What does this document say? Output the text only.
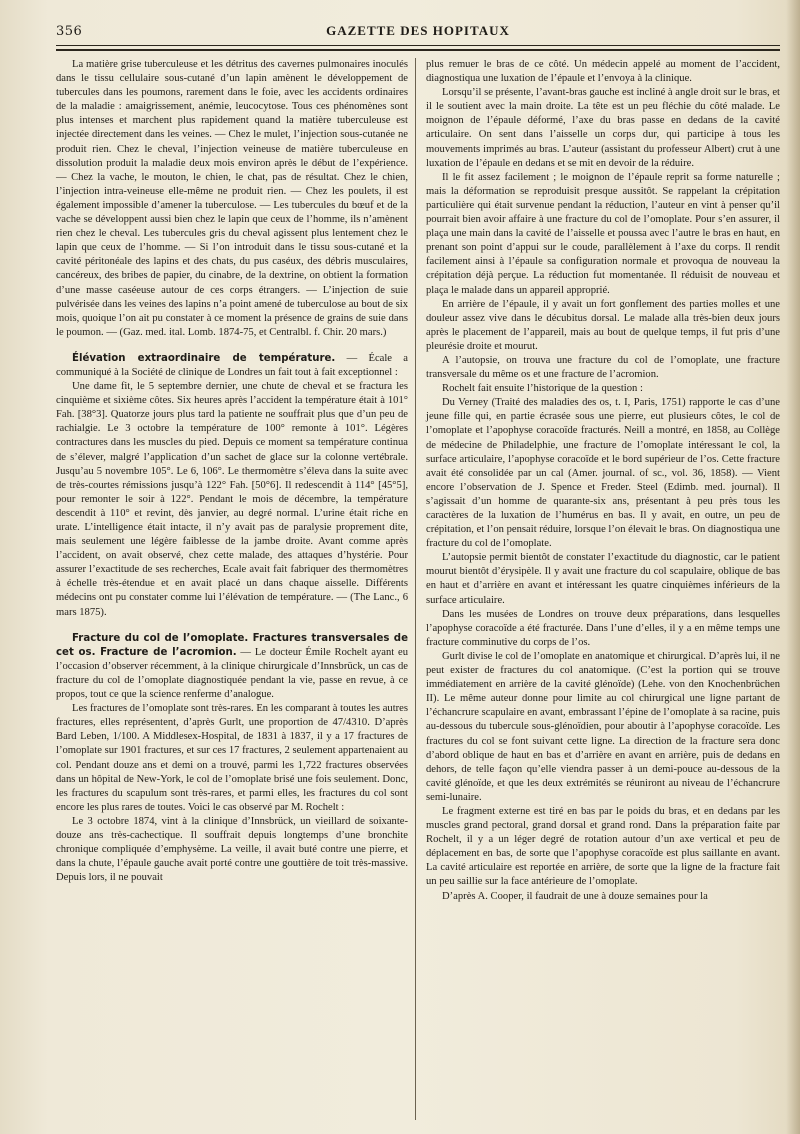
356	GAZETTE DES HOPITAUX

La matière grise tuberculeuse et les détritus des cavernes pulmonaires inoculés dans le tissu cellulaire sous-cutané d’un lapin amènent le développement de tubercules dans les poumons, rarement dans le foie, avec les accidents ordinaires de la maladie : amaigrissement, anémie, leucocytose. Tous ces phénomènes sont plus intenses et marchent plus rapidement quand la matière tuberculeuse est injectée directement dans les veines. — Chez le mulet, l’injection sous-cutanée ne produit rien. Chez le cheval, l’injection veineuse de matière tuberculeuse en dissolution produit la maladie deux mois environ après le début de l’expérience. — Chez la vache, le mouton, le chien, le chat, pas de résultat. Chez le chien, l’injection intra-veineuse elle-même ne produit rien. — Chez les poulets, il est également impossible d’amener la tuberculose. — Les tubercules du bœuf et de la vache se développent aussi bien chez le lapin que ceux de l’homme, ils n’amènent rien chez le cheval. Les tubercules gris du cheval agissent plus lentement chez le lapin que ceux de l’homme. — Si l’on introduit dans le tissu sous-cutané et la cavité péritonéale des lapins et des chats, du pus caséux, des débris musculaires, cancéreux, des bribes de papier, du cinabre, de la dextrine, on obtient la formation d’une masse caséeuse autour de ces corps étrangers. — L’injection de suie pulvérisée dans les veines des lapins n’a point amené de tuberculose au bout de six mois, quoique l’on ait pu constater à ce moment la présence de grains de suie dans le poumon. — (Gaz. med. ital. Lomb. 1874-75, et Centralbl. f. Chir. 20 mars.)

Élévation extraordinaire de température. — Écale a communiqué à la Société de clinique de Londres un fait tout à fait exceptionnel :

Une dame fit, le 5 septembre dernier, une chute de cheval et se fractura les cinquième et sixième côtes. Six heures après l’accident la température était à 101° Fah. [38°3]. Quatorze jours plus tard la patiente ne souffrait plus que d’un peu de rachialgie. Le 3 octobre la température de 100° remonte à 101°. Légères contractures dans les muscles du pied. Depuis ce moment sa température continua de s’élever, malgré l’application d’un sachet de glace sur la colonne vertébrale. Jusqu’au 5 novembre 105°. Le 6, 106°. Le thermomètre s’éleva dans la suite avec de très-courtes rémissions jusqu’à 122° Fah. [50°6]. Il redescendit à 114° [45°5], pour remonter le soir à 122°. Pendant le mois de décembre, la température descendit à 110° et revint, dès janvier, au degré normal. L’urine était riche en urate. L’intelligence était intacte, il n’y avait pas de paralysie proprement dite, mais seulement une légère faiblesse de la jambe droite. Avant comme après l’accident, on avait observé, chez cette malade, des attaques d’hystérie. Pour assurer l’exactitude de ses recherches, Ecale avait fait fabriquer des thermomètres à échelle très-étendue et en avait placé un dans chaque aisselle. Différents médecins ont pu constater comme lui l’élévation de température. — (The Lanc., 6 mars 1875).

Fracture du col de l’omoplate. Fractures transversales de cet os. Fracture de l’acromion. — Le docteur Émile Rochelt ayant eu l’occasion d’observer récemment, à la clinique chirurgicale d’Innsbrück, un cas de fracture du col de l’omoplate diagnostiquée pendant la vie, passe en revue, à ce propos, tout ce que la science renferme d’analogue.

Les fractures de l’omoplate sont très-rares. En les comparant à toutes les autres fractures, elles représentent, d’après Gurlt, une proportion de 47/4310. D’après Bard Leben, 1/100. A Middlesex-Hospital, de 1831 à 1837, il y a 17 fractures de l’omoplate sur 1901 fractures, et sur ces 17 fractures, 2 seulement appartenaient au col. Pendant douze ans et demi on a trouvé, parmi les 1,722 fractures observées dans un hôpital de New-York, le col de l’omoplate brisé une fois seulement. Donc, les fractures du scapulum sont très-rares, et parmi elles, les fractures du col sont encore les plus rares de toutes. Voici le cas observé par M. Rochelt :

Le 3 octobre 1874, vint à la clinique d’Innsbrück, un vieillard de soixante-douze ans très-cachectique. Il souffrait depuis longtemps d’une bronchite chronique compliquée d’emphysème. La veille, il avait buté contre une pierre, et dans la chute, l’épaule gauche avait porté contre une gouttière de toit très-massive. Depuis lors, il ne pouvait

plus remuer le bras de ce côté. Un médecin appelé au moment de l’accident, diagnostiqua une luxation de l’épaule et l’envoya à la clinique.

Lorsqu’il se présente, l’avant-bras gauche est incliné à angle droit sur le bras, et il le soutient avec la main droite. La tête est un peu fléchie du côté malade. Le moignon de l’épaule déformé, l’axe du bras passe en dedans de la cavité articulaire. On sent dans l’aisselle un corps dur, qui participe à tous les mouvements imprimés au bras. L’auteur (assistant du professeur Albert) crut à une luxation de l’épaule en dedans et se mit en devoir de la réduire.

Il le fit assez facilement ; le moignon de l’épaule reprit sa forme naturelle ; mais la déformation se reproduisit presque aussitôt. Se rappelant la crépitation particulière qui était survenue pendant la réduction, l’auteur en vint à penser qu’il pourrait bien avoir affaire à une fracture du col de l’omoplate. Pour s’en assurer, il plaça une main dans la cavité de l’aisselle et poussa avec l’autre le bras en haut, en prenant son point d’appui sur le coude, parallèlement à l’axe du corps. Il rendit facilement ainsi à l’épaule sa configuration normale et provoqua de nouveau la crépitation déjà perçue. La réduction fut momentanée. Il réduisit de nouveau et plaça le malade dans un appareil approprié.

En arrière de l’épaule, il y avait un fort gonflement des parties molles et une douleur assez vive dans le décubitus dorsal. Le malade alla très-bien deux jours après le placement de l’appareil, mais au bout de quelque temps, il fut pris d’une pleurésie droite et mourut.

A l’autopsie, on trouva une fracture du col de l’omoplate, une fracture transversale du même os et une fracture de l’acromion.

Rochelt fait ensuite l’historique de la question :

Du Verney (Traité des maladies des os, t. I, Paris, 1751) rapporte le cas d’une jeune fille qui, en partie écrasée sous une pierre, eut plusieurs côtes, le col de l’omoplate et l’apophyse coracoïde fracturés. Neill a montré, en 1858, au Collège de médecine de Philadelphie, une fracture de l’omoplate intéressant le col, la surface articulaire, l’apophyse coracoïde et le bord supérieur de l’os. Cette fracture avait été consolidée par un cal (Amer. journal. of sc., vol. 36, 1858). — Vient encore l’observation de J. Spence et Freder. Steel (Edimb. med. journal). Il s’agissait d’un homme de quarante-six ans, présentant à peu près tous les caractères de la luxation de l’humérus en bas. Il y avait, en outre, un peu de crépitation, et l’on pensait réduire, lorsque l’on élevait le bras. On diagnostiqua une fracture du col de l’omoplate.

L’autopsie permit bientôt de constater l’exactitude du diagnostic, car le patient mourut bientôt d’érysipèle. Il y avait une fracture du col scapulaire, oblique de bas en haut et d’arrière en avant et intéressant les quatre cinquièmes inférieurs de la surface articulaire.

Dans les musées de Londres on trouve deux préparations, dans lesquelles l’apophyse coracoïde a été fracturée. Dans l’une d’elles, il y a en même temps une fracture comminutive du corps de l’os.

Gurlt divise le col de l’omoplate en anatomique et chirurgical. D’après lui, il ne peut exister de fractures du col anatomique. (C’est la portion qui se trouve immédiatement en arrière de la cavité glénoïde) (Lehe. von den Knochenbrüchen II). Le même auteur donne pour limite au col chirurgical une ligne partant de l’échancrure scapulaire en avant, embrassant l’épine de l’omoplate à sa racine, puis au-dessous du tubercule sous-glénoïdien, pour aboutir à l’apophyse coracoïde. Les fractures du col se font suivant cette ligne. La direction de la fracture sera donc d’abord oblique de haut en bas et d’arrière en avant en arrière, puis de dedans en dehors, de telle façon qu’elle viendra passer à un demi-pouce au-dessous de la cavité glénoïde, et que les deux extrémités se réuniront au niveau de l’échancrure semi-lunaire.

Le fragment externe est tiré en bas par le poids du bras, et en dedans par les muscles grand pectoral, grand dorsal et grand rond. Dans la préparation faite par Rochelt, il y a un léger degré de rotation autour d’un axe vertical et peu de déplacement en bas, de sorte que l’apophyse coracoïde est plus saillante en avant. La cavité articulaire est reportée en arrière, de sorte que la ligne de la fracture fait un peu saillie sur la face antérieure de l’omoplate.

D’après A. Cooper, il faudrait de une à douze semaines pour la
